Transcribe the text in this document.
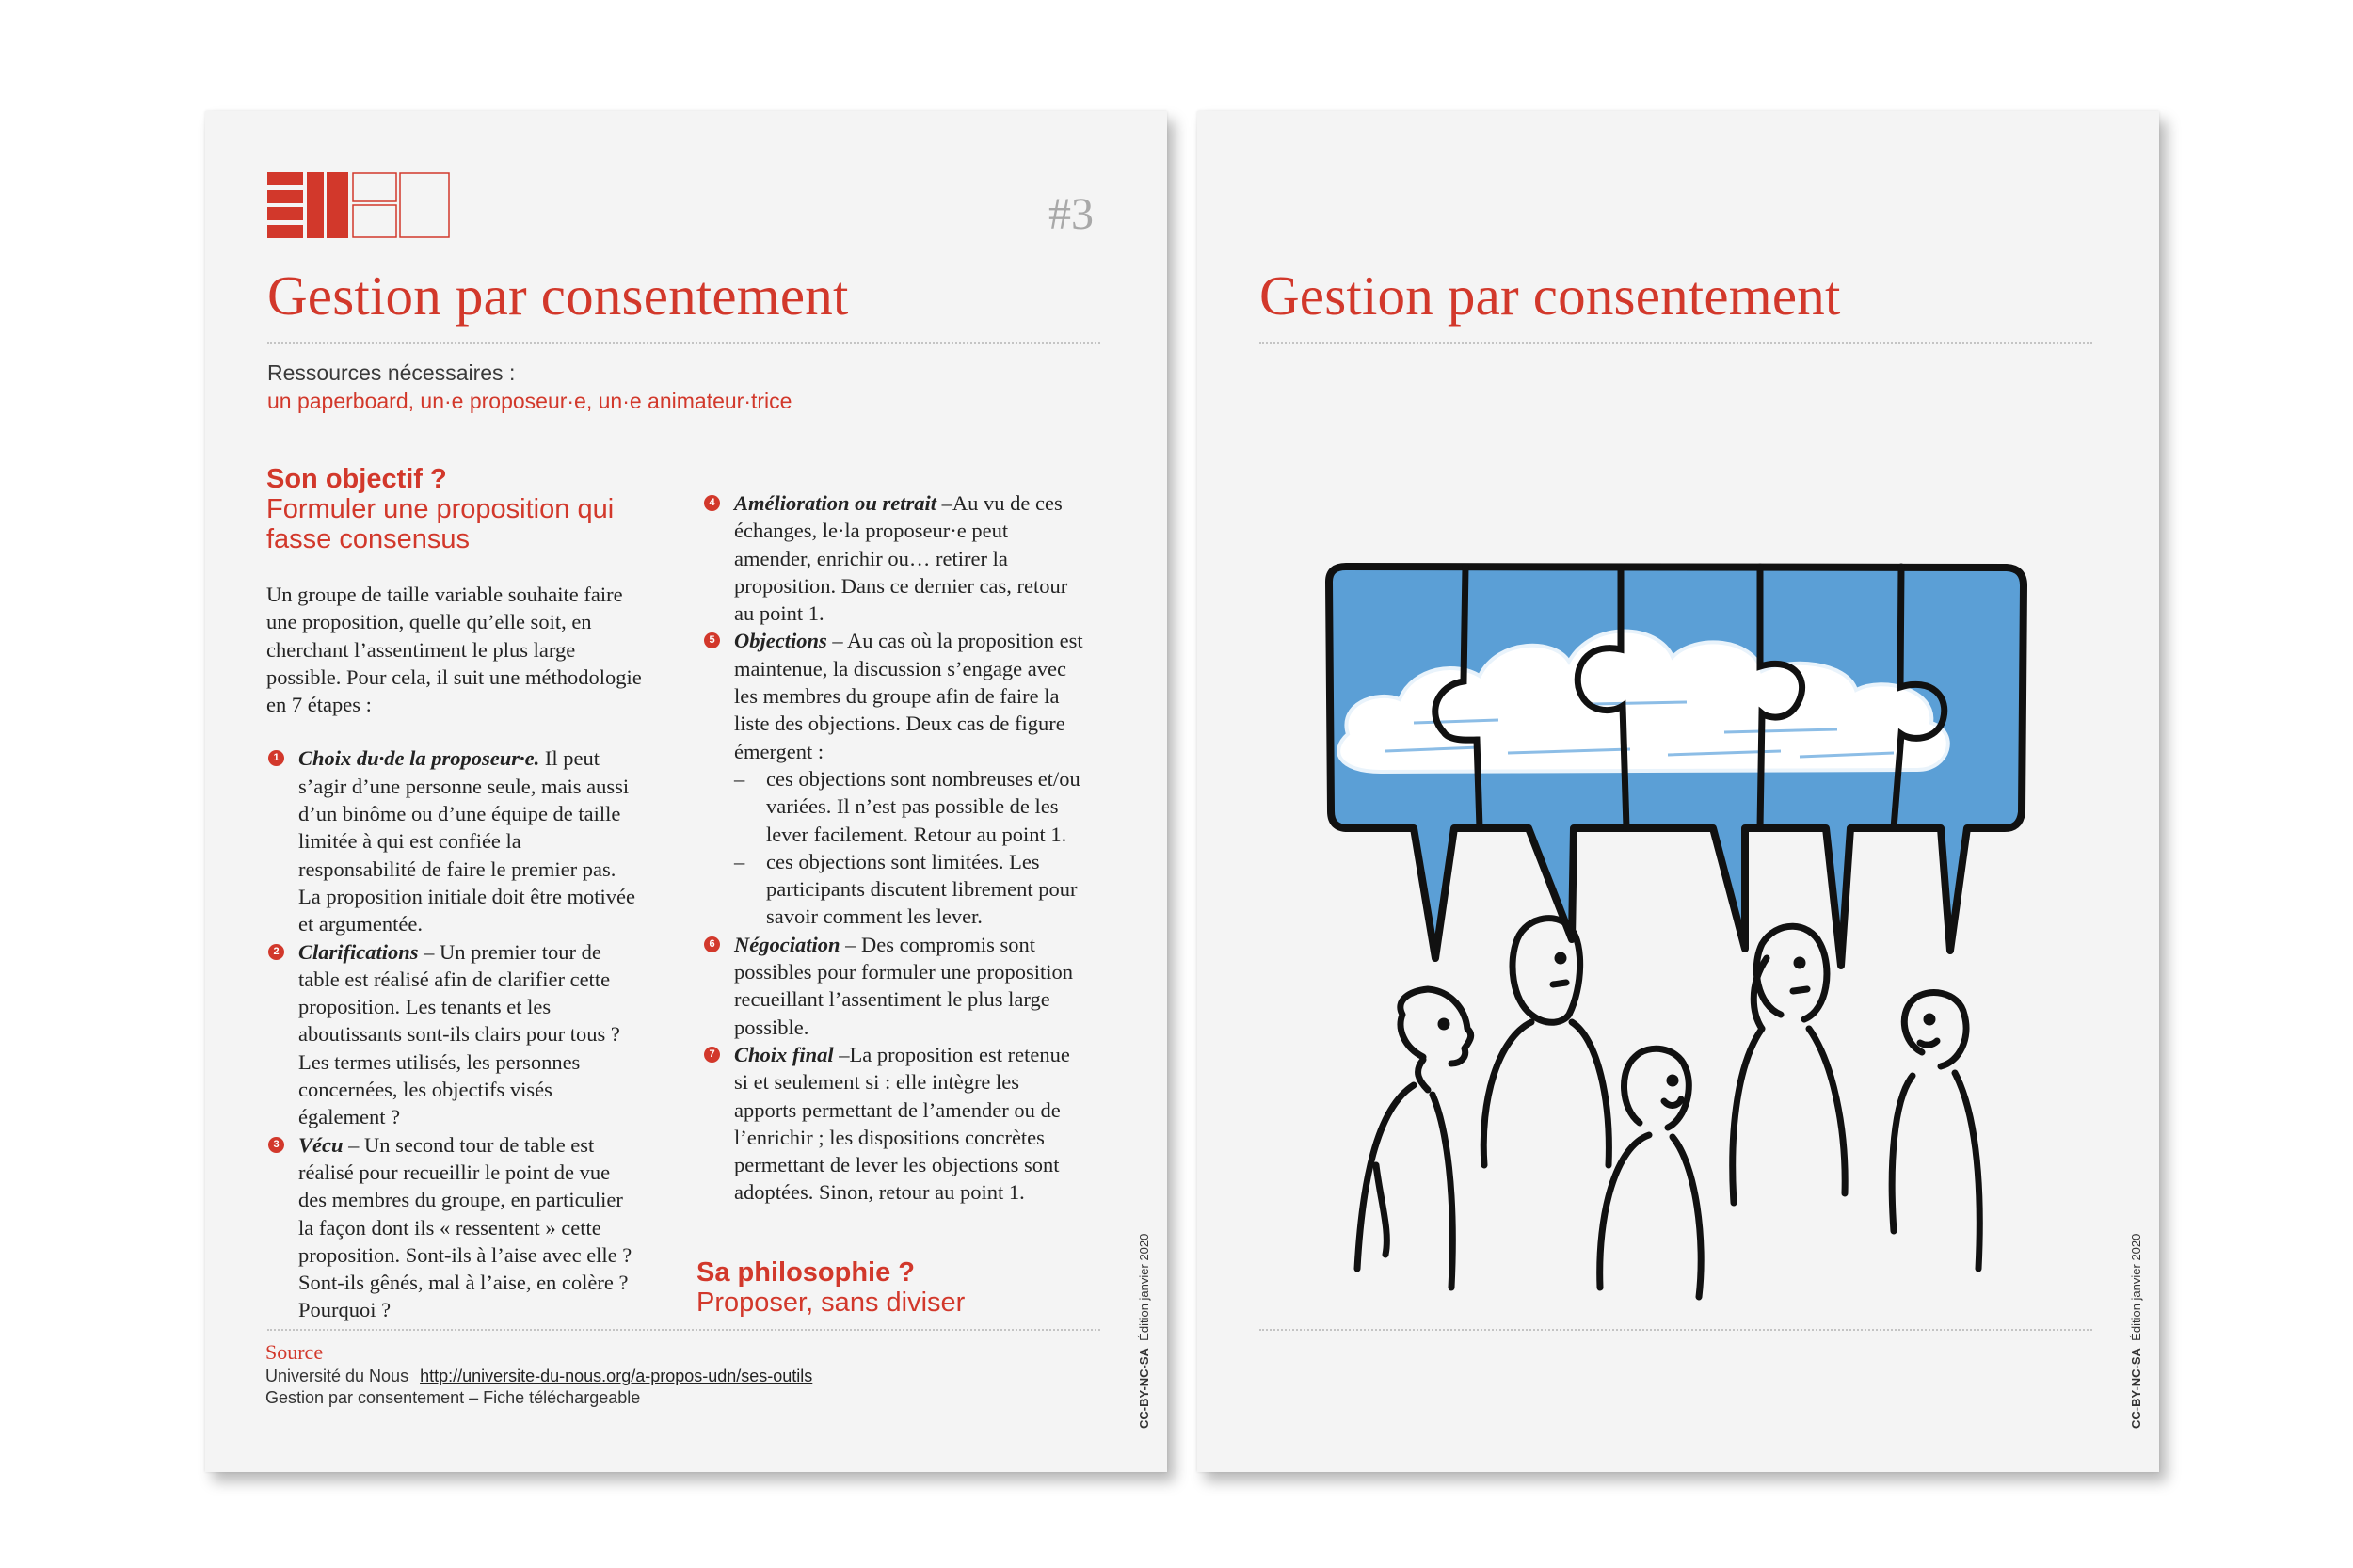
#3
Gestion par consentement
Ressources nécessaires :
un paperboard, un·e proposeur·e, un·e animateur·trice
Son objectif ?
Formuler une proposition qui fasse consensus

Un groupe de taille variable souhaite faire une proposition, quelle qu’elle soit, en cherchant l’assentiment le plus large possible. Pour cela, il suit une méthodologie en 7 étapes :

1 Choix du·de la proposeur·e. Il peut s’agir d’une personne seule, mais aussi d’un binôme ou d’une équipe de taille limitée à qui est confiée la responsabilité de faire le premier pas. La proposition initiale doit être motivée et argumentée.
2 Clarifications – Un premier tour de table est réalisé afin de clarifier cette proposition. Les tenants et les aboutissants sont-ils clairs pour tous ? Les termes utilisés, les personnes concernées, les objectifs visés également ?
3 Vécu – Un second tour de table est réalisé pour recueillir le point de vue des membres du groupe, en particulier la façon dont ils « ressentent » cette proposition. Sont-ils à l’aise avec elle ? Sont-ils gênés, mal à l’aise, en colère ? Pourquoi ?
4 Amélioration ou retrait –Au vu de ces échanges, le·la proposeur·e peut amender, enrichir ou… retirer la proposition. Dans ce dernier cas, retour au point 1.
5 Objections – Au cas où la proposition est maintenue, la discussion s’engage avec les membres du groupe afin de faire la liste des objections. Deux cas de figure émergent :
– ces objections sont nombreuses et/ou variées. Il n’est pas possible de les lever facilement. Retour au point 1.
– ces objections sont limitées. Les participants discutent librement pour savoir comment les lever.
6 Négociation – Des compromis sont possibles pour formuler une proposition recueillant l’assentiment le plus large possible.
7 Choix final –La proposition est retenue si et seulement si : elle intègre les apports permettant de l’amender ou de l’enrichir ; les dispositions concrètes permettant de lever les objections sont adoptées. Sinon, retour au point 1.
Sa philosophie ?
Proposer, sans diviser
Source
Université du Nous http://universite-du-nous.org/a-propos-udn/ses-outils
Gestion par consentement – Fiche téléchargeable	CC-BY-NC-SA  Édition janvier 2020
Gestion par consentement
CC-BY-NC-SA  Édition janvier 2020
